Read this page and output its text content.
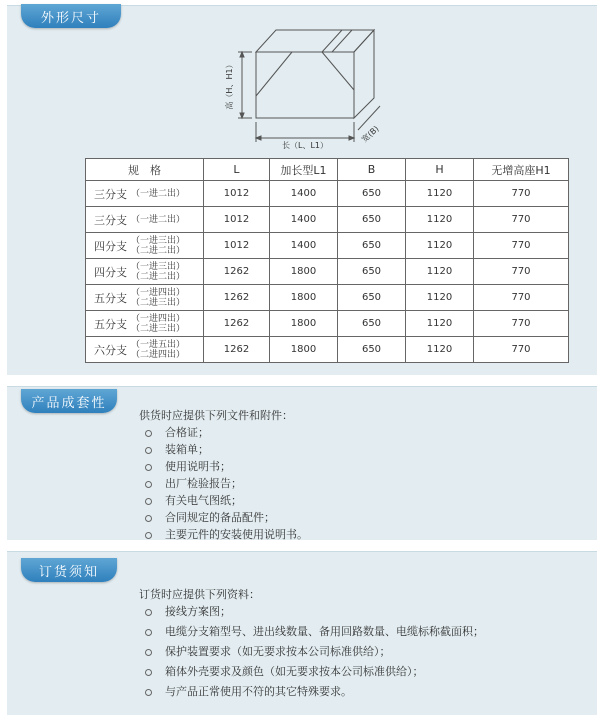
外形尺寸
高（H、H1）
长（L、L1）
宽(B)
规　格	L	加长型L1	B	H	无增高座H1
三分支 （一进二出）	1012	1400	650	1120	770
三分支 （一进二出）	1012	1400	650	1120	770
四分支 （一进三出）
（二进二出）	1012	1400	650	1120	770
四分支 （一进三出）
（二进二出）	1262	1800	650	1120	770
五分支 （一进四出）
（二进三出）	1262	1800	650	1120	770
五分支 （一进四出）
（二进三出）	1262	1800	650	1120	770
六分支 （一进五出）
（二进四出）	1262	1800	650	1120	770
产品成套性
供货时应提供下列文件和附件：
合格证；
装箱单；
使用说明书；
出厂检验报告；
有关电气图纸；
合同规定的备品配件；
主要元件的安装使用说明书。
订货须知
订货时应提供下列资料：
接线方案图；
电缆分支箱型号、进出线数量、备用回路数量、电缆标称截面积；
保护装置要求（如无要求按本公司标准供给）；
箱体外壳要求及颜色（如无要求按本公司标准供给）；
与产品正常使用不符的其它特殊要求。
